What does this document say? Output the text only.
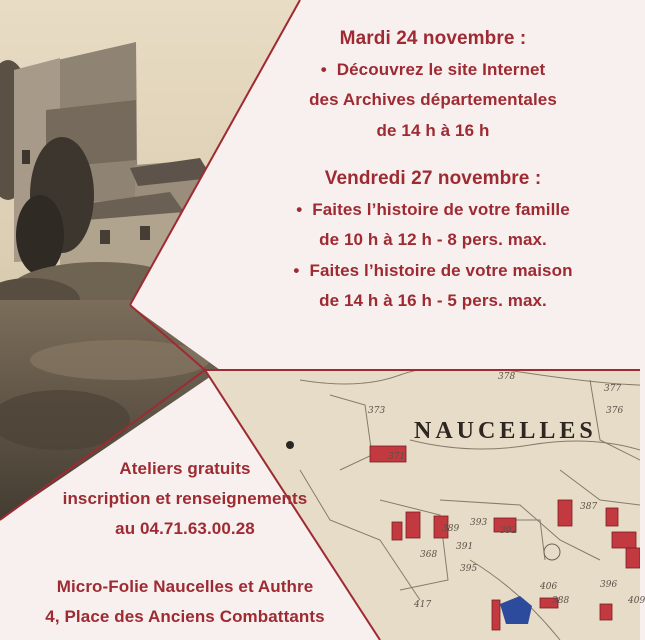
NAUCELLES
378
373
371
377
376
387
389
393
392
391
368
395
396
388
406
409
417
Mardi 24 novembre :
• Découvrez le site Internet
des Archives départementales
de 14 h à 16 h
Vendredi 27 novembre :
• Faites l’histoire de votre famille
de 10 h à 12 h - 8 pers. max.
• Faites l’histoire de votre maison
de 14 h à 16 h - 5 pers. max.
Ateliers gratuits
inscription et renseignements
au 04.71.63.00.28
Micro-Folie Naucelles et Authre
4, Place des Anciens Combattants
